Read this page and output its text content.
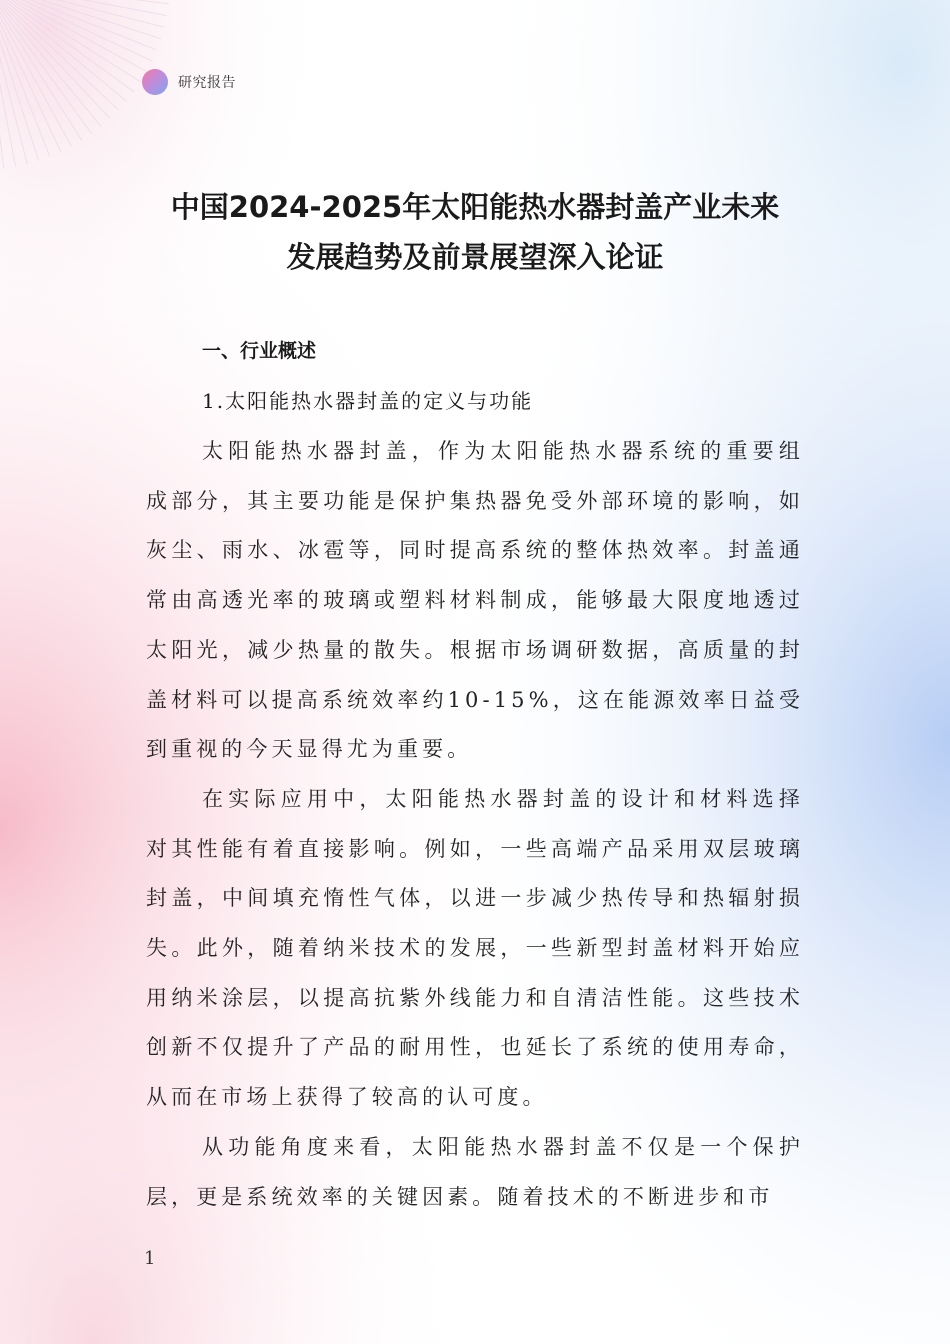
研究报告
中国2024-2025年太阳能热水器封盖产业未来
发展趋势及前景展望深入论证
一、行业概述
1.太阳能热水器封盖的定义与功能

太阳能热水器封盖，作为太阳能热水器系统的重要组成部分，其主要功能是保护集热器免受外部环境的影响，如灰尘、雨水、冰雹等，同时提高系统的整体热效率。封盖通常由高透光率的玻璃或塑料材料制成，能够最大限度地透过太阳光，减少热量的散失。根据市场调研数据，高质量的封盖材料可以提高系统效率约10-15%，这在能源效率日益受到重视的今天显得尤为重要。

在实际应用中，太阳能热水器封盖的设计和材料选择对其性能有着直接影响。例如，一些高端产品采用双层玻璃封盖，中间填充惰性气体，以进一步减少热传导和热辐射损失。此外，随着纳米技术的发展，一些新型封盖材料开始应用纳米涂层，以提高抗紫外线能力和自清洁性能。这些技术创新不仅提升了产品的耐用性，也延长了系统的使用寿命，从而在市场上获得了较高的认可度。

从功能角度来看，太阳能热水器封盖不仅是一个保护层，更是系统效率的关键因素。随着技术的不断进步和市

1
